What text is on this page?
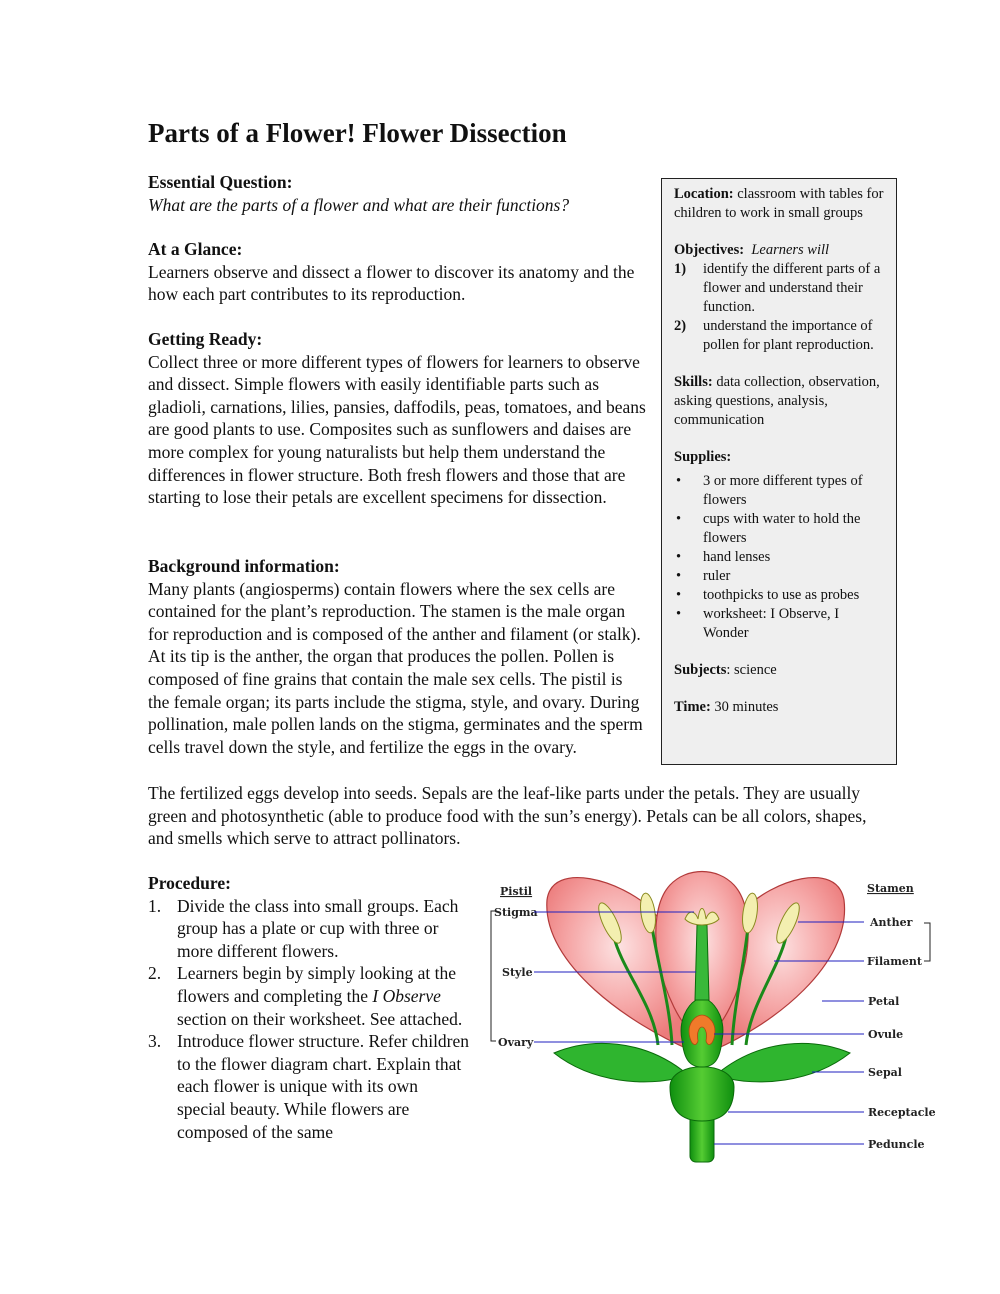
Parts of a Flower! Flower Dissection
Essential Question:
What are the parts of a flower and what are their functions?
At a Glance:
Learners observe and dissect a flower to discover its anatomy and the how each part contributes to its reproduction.
Getting Ready:
Collect three or more different types of flowers for learners to observe and dissect. Simple flowers with easily identifiable parts such as gladioli, carnations, lilies, pansies, daffodils, peas, tomatoes, and beans are good plants to use. Composites such as sunflowers and daises are more complex for young naturalists but help them understand the differences in flower structure. Both fresh flowers and those that are starting to lose their petals are excellent specimens for dissection.
Background information:
Many plants (angiosperms) contain flowers where the sex cells are contained for the plant’s reproduction. The stamen is the male organ for reproduction and is composed of the anther and filament (or stalk). At its tip is the anther, the organ that produces the pollen. Pollen is composed of fine grains that contain the male sex cells. The pistil is the female organ; its parts include the stigma, style, and ovary. During pollination, male pollen lands on the stigma, germinates and the sperm cells travel down the style, and fertilize the eggs in the ovary.
The fertilized eggs develop into seeds. Sepals are the leaf-like parts under the petals. They are usually green and photosynthetic (able to produce food with the sun’s energy). Petals can be all colors, shapes, and smells which serve to attract pollinators.
Procedure:
1. Divide the class into small groups. Each group has a plate or cup with three or more different flowers.
2. Learners begin by simply looking at the flowers and completing the I Observe section on their worksheet. See attached.
3. Introduce flower structure. Refer children to the flower diagram chart. Explain that each flower is unique with its own special beauty. While flowers are composed of the same
Location: classroom with tables for children to work in small groups
Objectives: Learners will
1) identify the different parts of a flower and understand their function.
2) understand the importance of pollen for plant reproduction.
Skills: data collection, observation, asking questions, analysis, communication
Supplies:
• 3 or more different types of flowers
• cups with water to hold the flowers
• hand lenses
• ruler
• toothpicks to use as probes
• worksheet: I Observe, I Wonder
Subjects: science
Time: 30 minutes
Pistil
Stigma
Style
Ovary
Stamen
Anther
Filament
Petal
Ovule
Sepal
Receptacle
Peduncle
